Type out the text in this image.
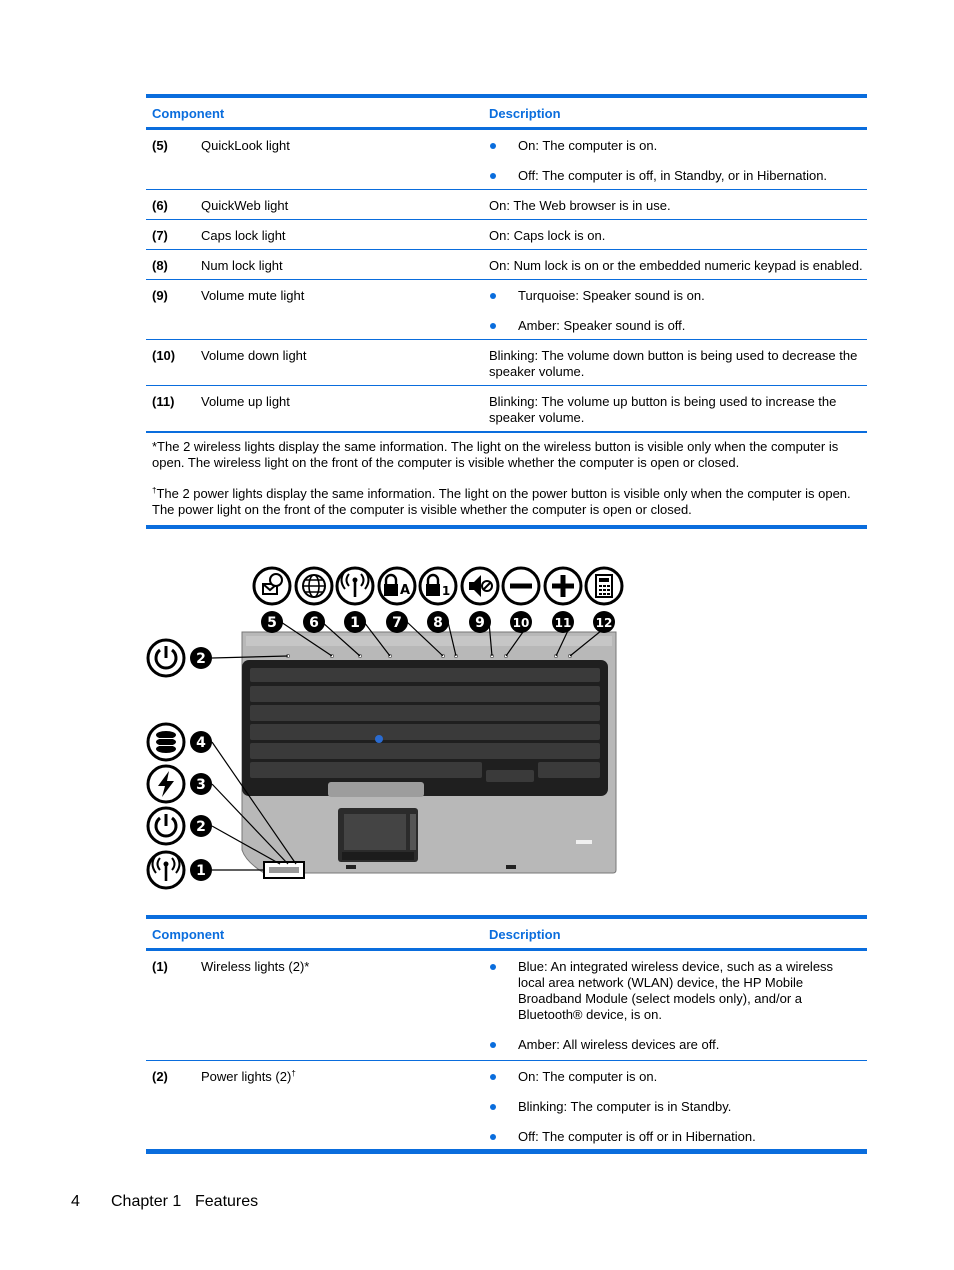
Component	Description
(5)	QuickLook light	On: The computer is on.
Off: The computer is off, in Standby, or in Hibernation.
(6)	QuickWeb light	On: The Web browser is in use.
(7)	Caps lock light	On: Caps lock is on.
(8)	Num lock light	On: Num lock is on or the embedded numeric keypad is enabled.
(9)	Volume mute light	Turquoise: Speaker sound is on.
Amber: Speaker sound is off.
(10) Volume down light	Blinking: The volume down button is being used to decrease the speaker volume.
(11) Volume up light	Blinking: The volume up button is being used to increase the speaker volume.

*The 2 wireless lights display the same information. The light on the wireless button is visible only when the computer is open. The wireless light on the front of the computer is visible whether the computer is open or closed.

†The 2 power lights display the same information. The light on the power button is visible only when the computer is open. The power light on the front of the computer is visible whether the computer is open or closed.

A	1
5 6 1 7 8 9 10 11 12
2
4
3
2
1
Component	Description
(1)	Wireless lights (2)*	Blue: An integrated wireless device, such as a wireless local area network (WLAN) device, the HP Mobile Broadband Module (select models only), and/or a Bluetooth® device, is on.
Amber: All wireless devices are off.
(2)	Power lights (2)†	On: The computer is on.
Blinking: The computer is in Standby.
Off: The computer is off or in Hibernation.
4 Chapter 1 Features
